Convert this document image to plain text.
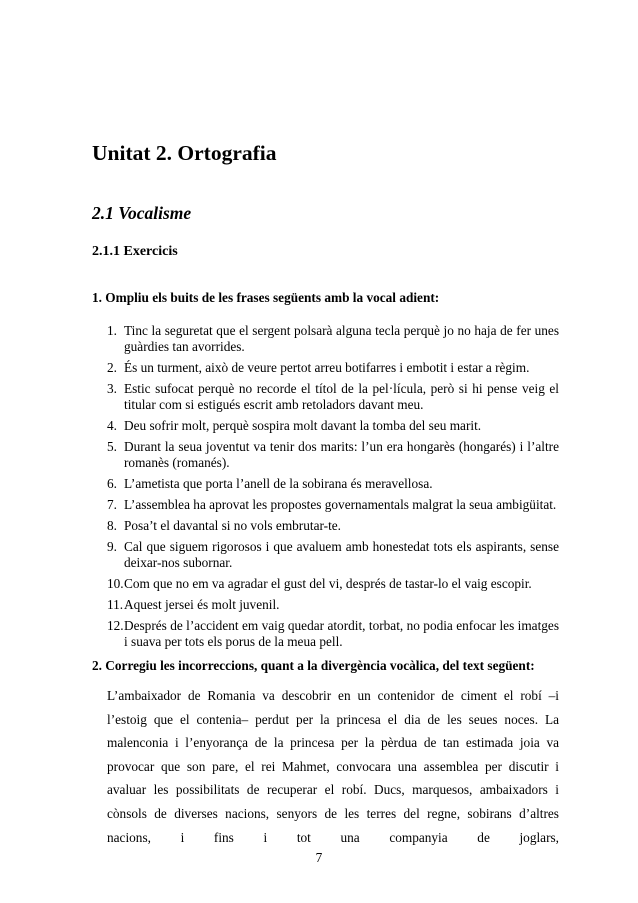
Unitat 2. Ortografia
2.1 Vocalisme
2.1.1 Exercicis

1. Ompliu els buits de les frases següents amb la vocal adient:

1. Tinc la seguretat que el sergent polsarà alguna tecla perquè jo no haja de fer unes guàrdies tan avorrides.
2. És un turment, això de veure pertot arreu botifarres i embotit i estar a règim.
3. Estic sufocat perquè no recorde el títol de la pel·lícula, però si hi pense veig el titular com si estigués escrit amb retoladors davant meu.
4. Deu sofrir molt, perquè sospira molt davant la tomba del seu marit.
5. Durant la seua joventut va tenir dos marits: l’un era hongarès (hongarés) i l’altre romanès (romanés).
6. L’ametista que porta l’anell de la sobirana és meravellosa.
7. L’assemblea ha aprovat les propostes governamentals malgrat la seua ambigüitat.
8. Posa’t el davantal si no vols embrutar-te.
9. Cal que siguem rigorosos i que avaluem amb honestedat tots els aspirants, sense deixar-nos subornar.
10. Com que no em va agradar el gust del vi, després de tastar-lo el vaig escopir.
11. Aquest jersei és molt juvenil.
12. Després de l’accident em vaig quedar atordit, torbat, no podia enfocar les imatges i suava per tots els porus de la meua pell.

2. Corregiu les incorreccions, quant a la divergència vocàlica, del text següent:

L’ambaixador de Romania va descobrir en un contenidor de ciment el robí –i l’estoig que el contenia– perdut per la princesa el dia de les seues noces. La malenconia i l’enyorança de la princesa per la pèrdua de tan estimada joia va provocar que son pare, el rei Mahmet, convocara una assemblea per discutir i avaluar les possibilitats de recuperar el robí. Ducs, marquesos, ambaixadors i cònsols de diverses nacions, senyors de les terres del regne, sobirans d’altres nacions, i fins i tot una companyia de joglars,

7
